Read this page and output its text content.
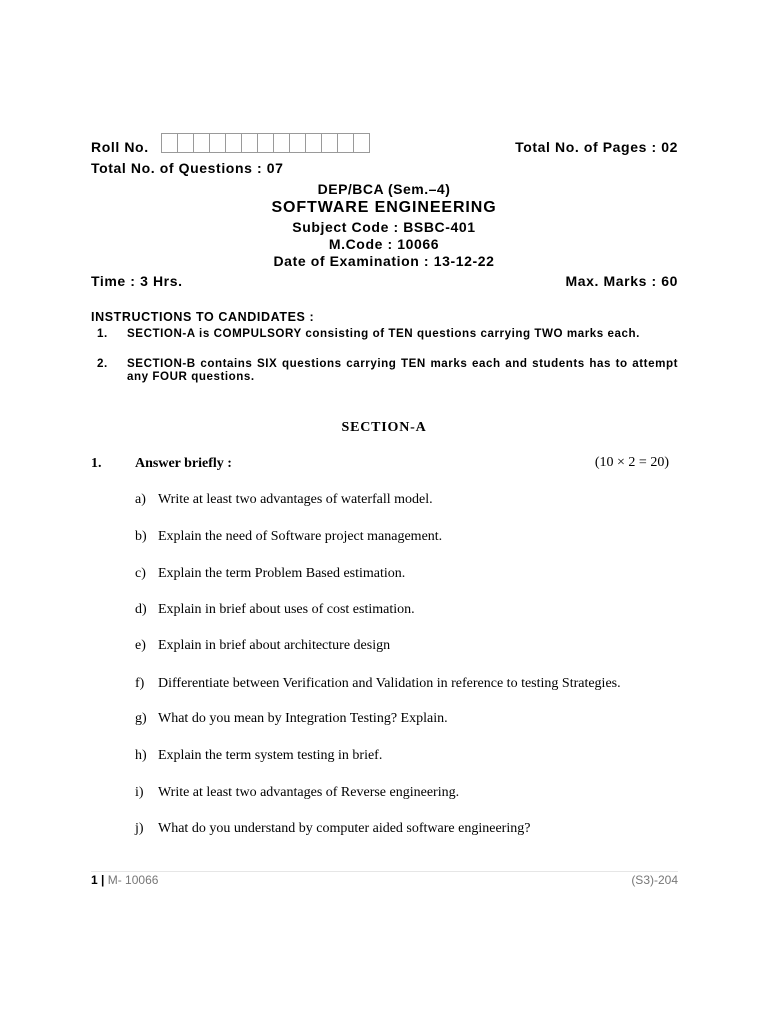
Roll No.	Total No. of Pages : 02
Total No. of Questions : 07
DEP/BCA (Sem.–4)
SOFTWARE ENGINEERING
Subject Code : BSBC-401
M.Code : 10066
Date of Examination : 13-12-22
Time : 3 Hrs.	Max. Marks : 60
INSTRUCTIONS TO CANDIDATES :
1. SECTION-A is COMPULSORY consisting of TEN questions carrying TWO marks each.
2. SECTION-B contains SIX questions carrying TEN marks each and students has to attempt any FOUR questions.
SECTION-A
1. Answer briefly :	(10 × 2 = 20)
a) Write at least two advantages of waterfall model.
b) Explain the need of Software project management.
c) Explain the term Problem Based estimation.
d) Explain in brief about uses of cost estimation.
e) Explain in brief about architecture design
f) Differentiate between Verification and Validation in reference to testing Strategies.
g) What do you mean by Integration Testing? Explain.
h) Explain the term system testing in brief.
i) Write at least two advantages of Reverse engineering.
j) What do you understand by computer aided software engineering?
1 | M- 10066	(S3)-204
